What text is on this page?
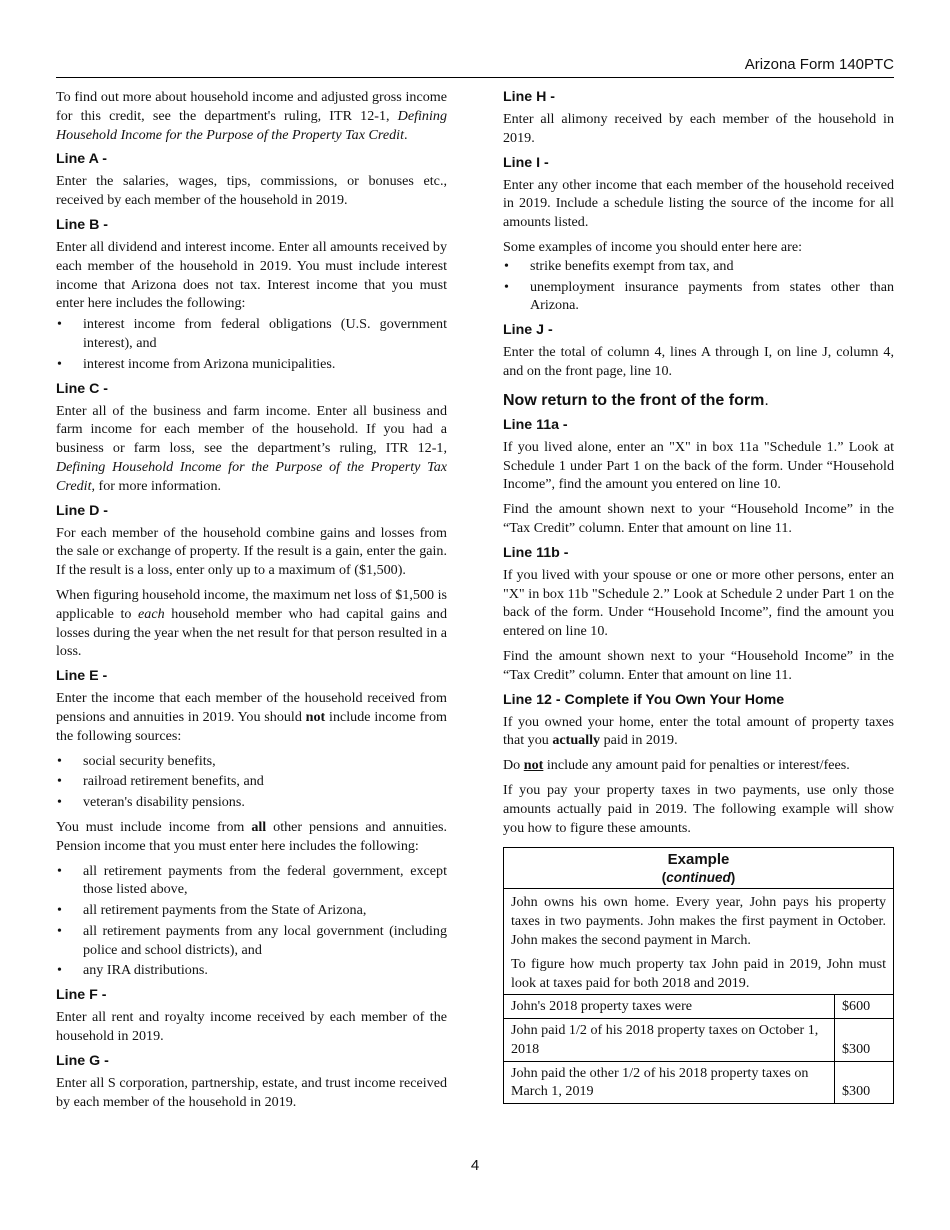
Arizona Form 140PTC

To find out more about household income and adjusted gross income for this credit, see the department's ruling, ITR 12-1, Defining Household Income for the Purpose of the Property Tax Credit.

Line A -

Enter the salaries, wages, tips, commissions, or bonuses etc., received by each member of the household in 2019.

Line B -

Enter all dividend and interest income. Enter all amounts received by each member of the household in 2019. You must include interest income that Arizona does not tax. Interest income that you must enter here includes the following:

• interest income from federal obligations (U.S. government interest), and
• interest income from Arizona municipalities.
Line C -

Enter all of the business and farm income. Enter all business and farm income for each member of the household. If you had a business or farm loss, see the department’s ruling, ITR 12-1, Defining Household Income for the Purpose of the Property Tax Credit, for more information.

Line D -

For each member of the household combine gains and losses from the sale or exchange of property. If the result is a gain, enter the gain. If the result is a loss, enter only up to a maximum of ($1,500).

When figuring household income, the maximum net loss of $1,500 is applicable to each household member who had capital gains and losses during the year when the net result for that person resulted in a loss.

Line E -

Enter the income that each member of the household received from pensions and annuities in 2019. You should not include income from the following sources:

• social security benefits,
• railroad retirement benefits, and
• veteran's disability pensions.

You must include income from all other pensions and annuities. Pension income that you must enter here includes the following:

• all retirement payments from the federal government, except those listed above,
• all retirement payments from the State of Arizona,
• all retirement payments from any local government (including police and school districts), and
• any IRA distributions.
Line F -

Enter all rent and royalty income received by each member of the household in 2019.

Line G -

Enter all S corporation, partnership, estate, and trust income received by each member of the household in 2019.

Line H -

Enter all alimony received by each member of the household in 2019.

Line I -

Enter any other income that each member of the household received in 2019. Include a schedule listing the source of the income for all amounts listed.

Some examples of income you should enter here are:

• strike benefits exempt from tax, and
• unemployment insurance payments from states other than Arizona.
Line J -

Enter the total of column 4, lines A through I, on line J, column 4, and on the front page, line 10.

Now return to the front of the form.
Line 11a -

If you lived alone, enter an "X" in box 11a "Schedule 1.” Look at Schedule 1 under Part 1 on the back of the form. Under “Household Income”, find the amount you entered on line 10.

Find the amount shown next to your “Household Income” in the “Tax Credit” column. Enter that amount on line 11.

Line 11b -

If you lived with your spouse or one or more other persons, enter an "X" in box 11b "Schedule 2.” Look at Schedule 2 under Part 1 on the back of the form. Under “Household Income”, find the amount you entered on line 10.

Find the amount shown next to your “Household Income” in the “Tax Credit” column. Enter that amount on line 11.

Line 12 - Complete if You Own Your Home

If you owned your home, enter the total amount of property taxes that you actually paid in 2019.

Do not include any amount paid for penalties or interest/fees.

If you pay your property taxes in two payments, use only those amounts actually paid in 2019. The following example will show you how to figure these amounts.

Example
(continued)

John owns his own home. Every year, John pays his property taxes in two payments. John makes the first payment in October. John makes the second payment in March.

To figure how much property tax John paid in 2019, John must look at taxes paid for both 2018 and 2019.

John's 2018 property taxes were	$600
John paid 1/2 of his 2018 property taxes on October 1, 2018	$300
John paid the other 1/2 of his 2018 property taxes on March 1, 2019	$300
4
